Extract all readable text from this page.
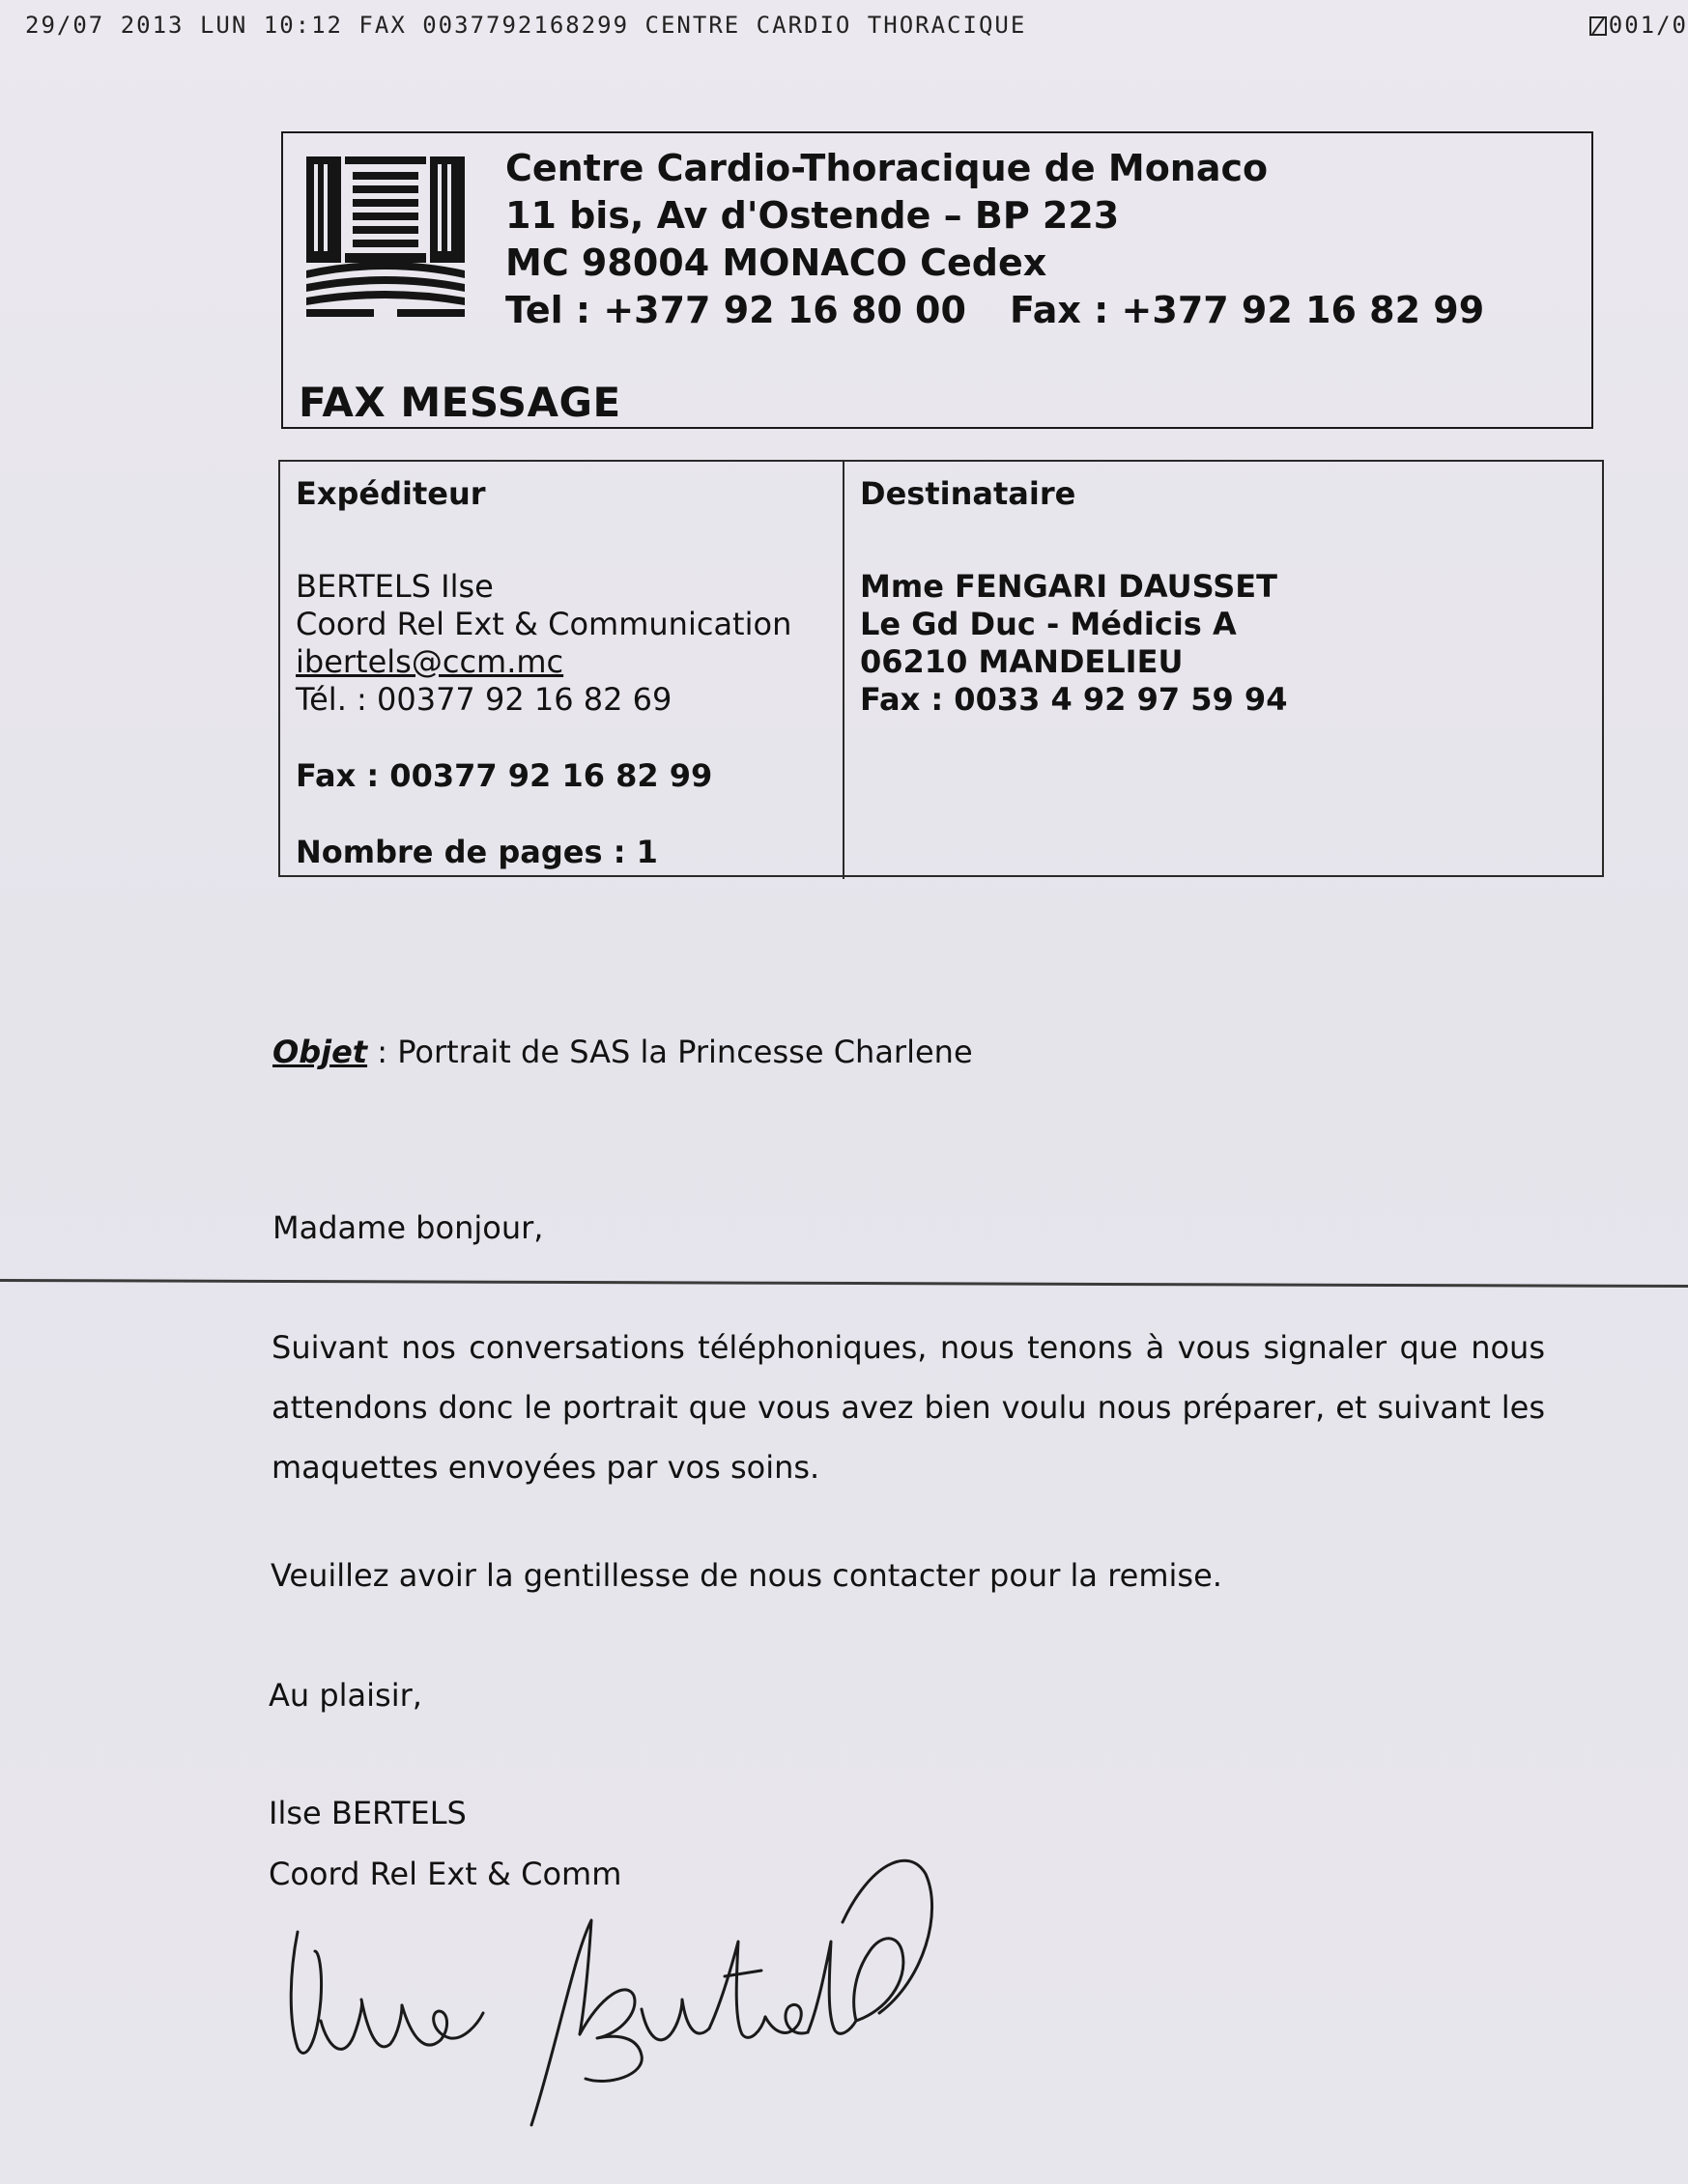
29/07 2013 LUN 10:12 FAX 0037792168299 CENTRE CARDIO THORACIQUE	001/0
Centre Cardio-Thoracique de Monaco
11 bis, Av d'Ostende – BP 223
MC 98004 MONACO Cedex
Tel : +377 92 16 80 00	Fax : +377 92 16 82 99
FAX MESSAGE
Expéditeur
BERTELS Ilse
Coord Rel Ext & Communication
ibertels@ccm.mc
Tél. : 00377 92 16 82 69
Fax : 00377 92 16 82 99
Nombre de pages : 1
Destinataire
Mme FENGARI DAUSSET
Le Gd Duc - Médicis A
06210 MANDELIEU
Fax : 0033 4 92 97 59 94
Objet : Portrait de SAS la Princesse Charlene
Madame bonjour,
Suivant nos conversations téléphoniques, nous tenons à vous signaler que nous attendons donc le portrait que vous avez bien voulu nous préparer, et suivant les maquettes envoyées par vos soins.
Veuillez avoir la gentillesse de nous contacter pour la remise.
Au plaisir,
Ilse BERTELS
Coord Rel Ext & Comm
